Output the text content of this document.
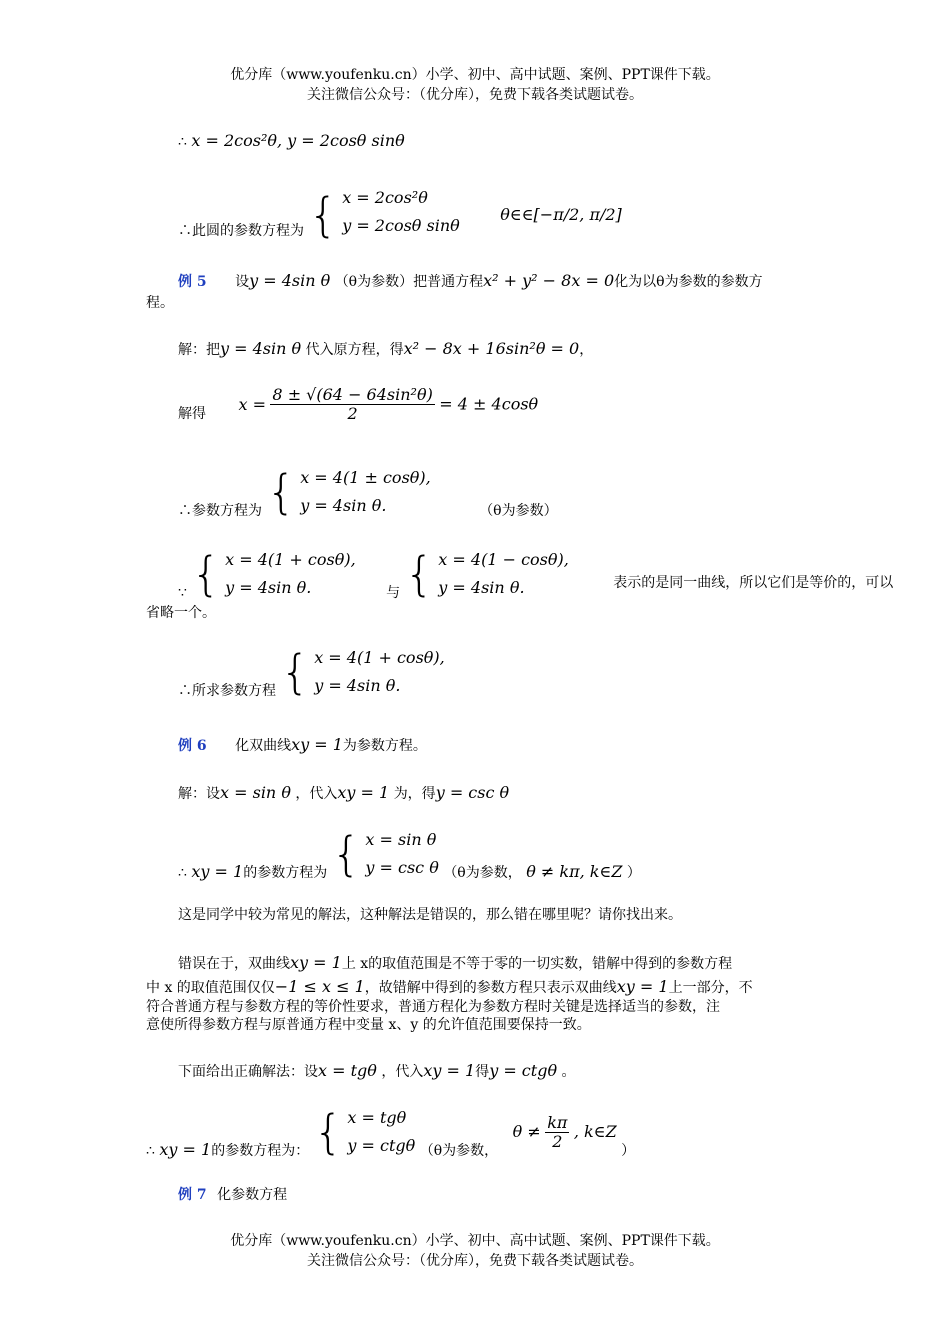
优分库（www.youfenku.cn）小学、初中、高中试题、案例、PPT课件下载。
关注微信公众号：（优分库），免费下载各类试题试卷。
∴ x = 2cos²θ, y = 2cosθ sinθ
∴此圆的参数方程为 { x = 2cos²θ
y = 2cosθ sinθ
θ∈∈[−π/2, π/2]
例 5 设y = 4sin θ （θ为参数）把普通方程x² + y² − 8x = 0化为以θ为参数的参数方
程。
解：把y = 4sin θ 代入原方程，得x² − 8x + 16sin²θ = 0，
解得 $x = \frac{\text{8 ± √(64 − 64sin²θ)}}{2} = 4 \pm 4\cos\theta$
∴参数方程为 { x = 4(1 ± cosθ),
y = 4sin θ.	（θ为参数）
∵ { x = 4(1 + cosθ),
y = 4sin θ.	与 { x = 4(1 − cosθ),
y = 4sin θ.	表示的是同一曲线，所以它们是等价的，可以
省略一个。
∴所求参数方程 { x = 4(1 + cosθ),
y = 4sin θ.
例 6 化双曲线xy = 1为参数方程。
解：设x = sin θ ，代入xy = 1 为，得y = csc θ
∴ xy = 1的参数方程为 { x = sin θ
y = csc θ （θ为参数， θ ≠ kπ, k∈Z ）
这是同学中较为常见的解法，这种解法是错误的，那么错在哪里呢？请你找出来。
错误在于，双曲线xy = 1上 x的取值范围是不等于零的一切实数，错解中得到的参数方程
中 x 的取值范围仅仅−1 ≤ x ≤ 1，故错解中得到的参数方程只表示双曲线xy = 1上一部分，不
符合普通方程与参数方程的等价性要求，普通方程化为参数方程时关键是选择适当的参数，注
意使所得参数方程与原普通方程中变量 x、y 的允许值范围要保持一致。
下面给出正确解法：设x = tgθ ，代入xy = 1得y = ctgθ 。
∴ xy = 1的参数方程为： { x = tgθ
y = ctgθ （θ为参数， $\theta \ne \frac{k\pi}{2}$ , k∈Z ）
例 7 化参数方程
优分库（www.youfenku.cn）小学、初中、高中试题、案例、PPT课件下载。
关注微信公众号：（优分库），免费下载各类试题试卷。
